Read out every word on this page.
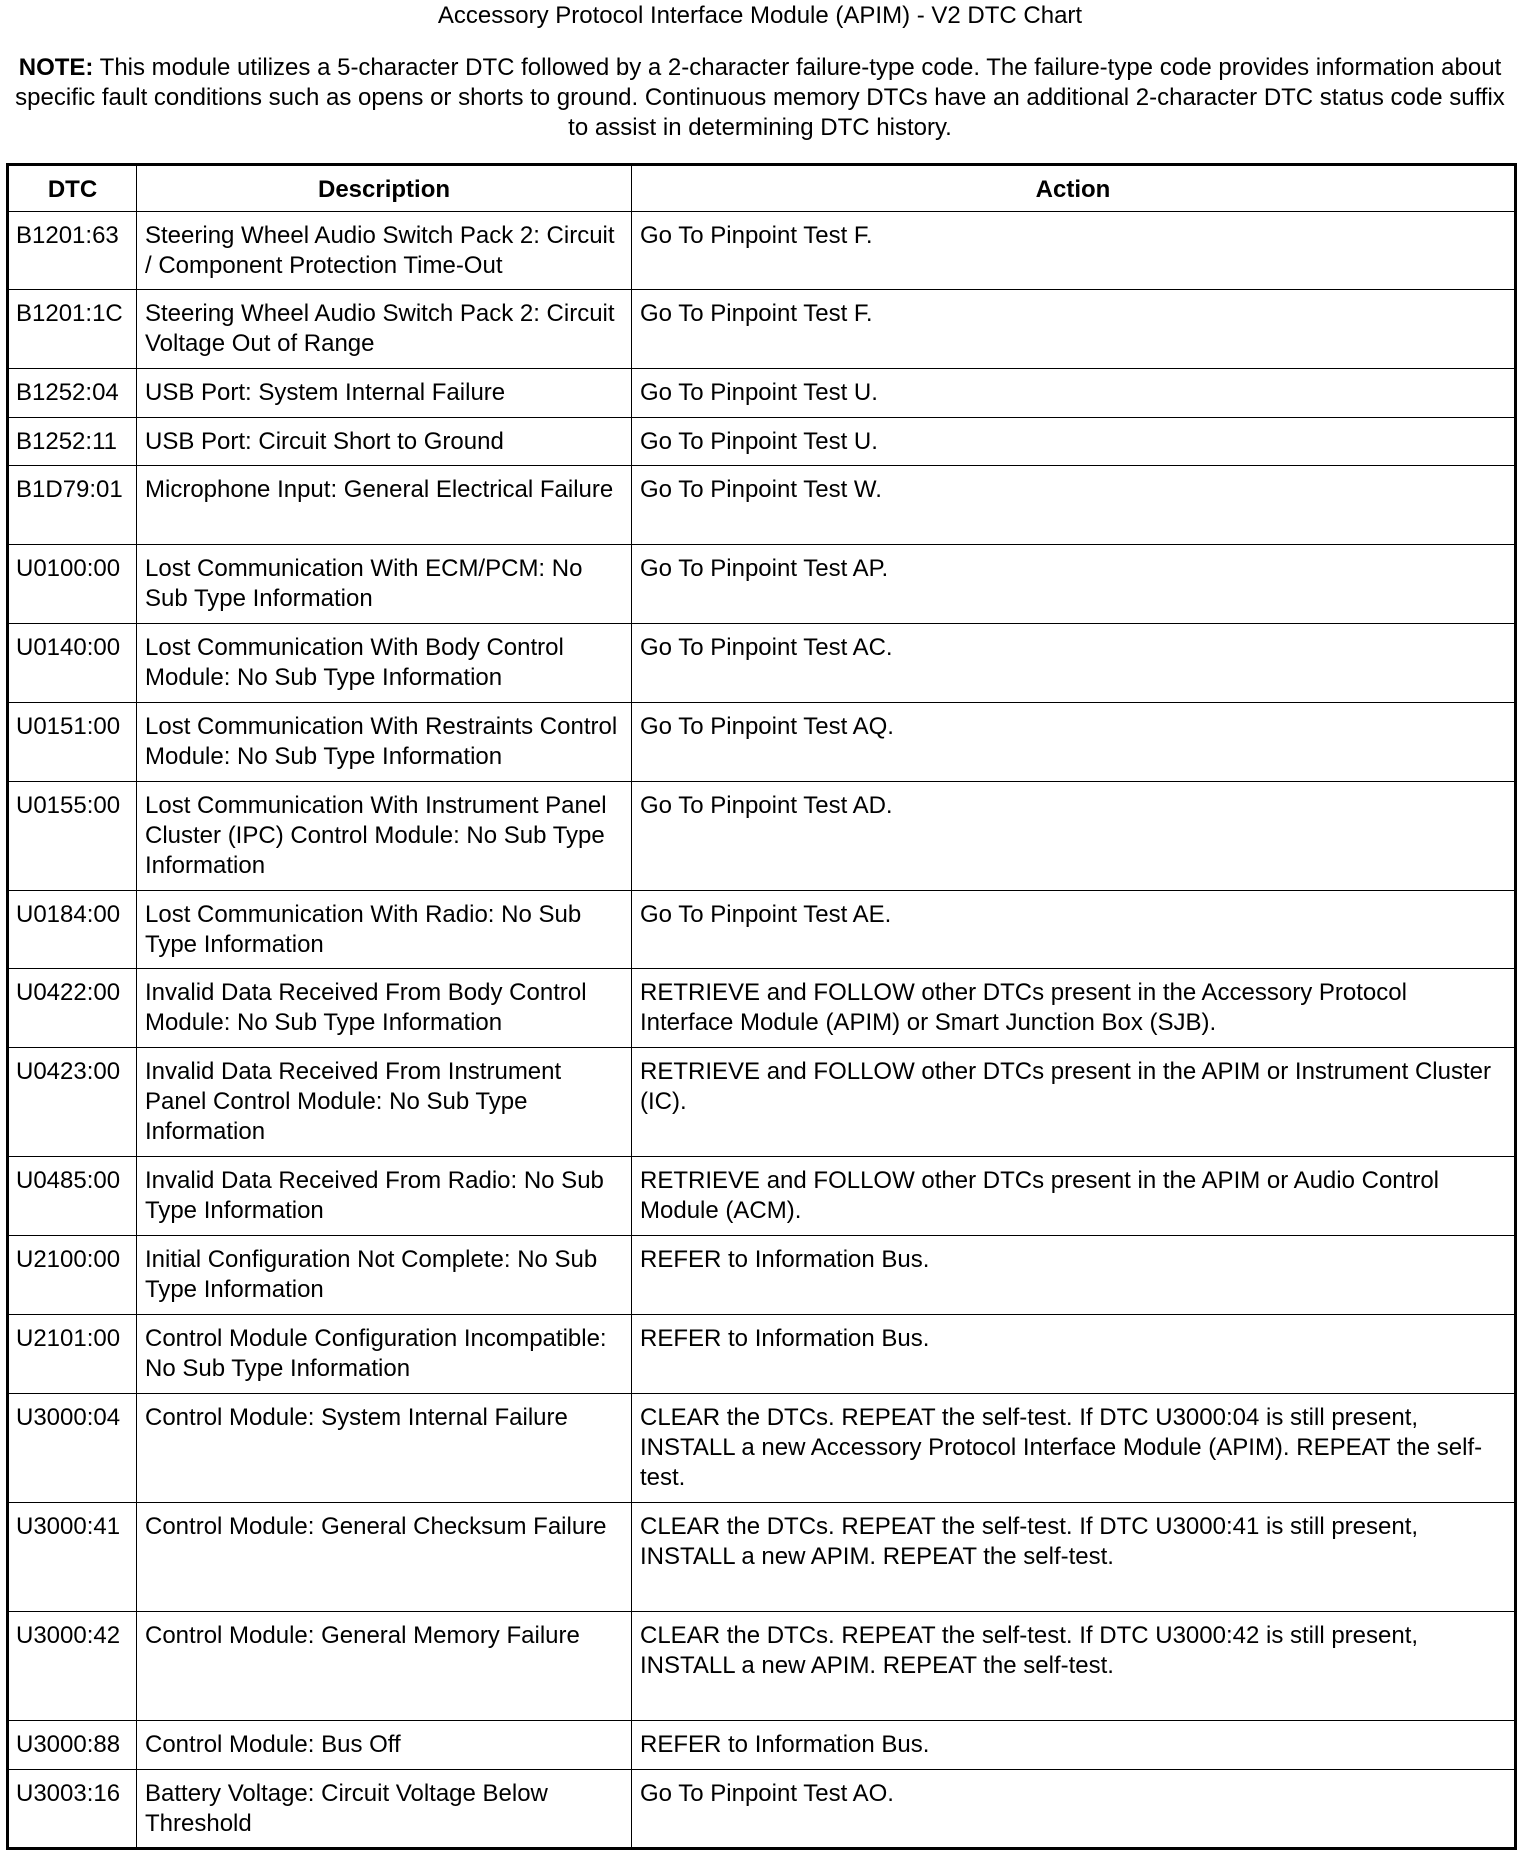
Accessory Protocol Interface Module (APIM) - V2 DTC Chart
NOTE: This module utilizes a 5-character DTC followed by a 2-character failure-type code. The failure-type code provides information about specific fault conditions such as opens or shorts to ground. Continuous memory DTCs have an additional 2-character DTC status code suffix to assist in determining DTC history.
DTC	Description	Action
B1201:63	Steering Wheel Audio Switch Pack 2: Circuit / Component Protection Time-Out	Go To Pinpoint Test F.
B1201:1C	Steering Wheel Audio Switch Pack 2: Circuit Voltage Out of Range	Go To Pinpoint Test F.
B1252:04	USB Port: System Internal Failure	Go To Pinpoint Test U.
B1252:11	USB Port: Circuit Short to Ground	Go To Pinpoint Test U.
B1D79:01	Microphone Input: General Electrical Failure	Go To Pinpoint Test W.
U0100:00	Lost Communication With ECM/PCM: No Sub Type Information	Go To Pinpoint Test AP.
U0140:00	Lost Communication With Body Control Module: No Sub Type Information	Go To Pinpoint Test AC.
U0151:00	Lost Communication With Restraints Control Module: No Sub Type Information	Go To Pinpoint Test AQ.
U0155:00	Lost Communication With Instrument Panel Cluster (IPC) Control Module: No Sub Type Information	Go To Pinpoint Test AD.
U0184:00	Lost Communication With Radio: No Sub Type Information	Go To Pinpoint Test AE.
U0422:00	Invalid Data Received From Body Control Module: No Sub Type Information	RETRIEVE and FOLLOW other DTCs present in the Accessory Protocol Interface Module (APIM) or Smart Junction Box (SJB).
U0423:00	Invalid Data Received From Instrument Panel Control Module: No Sub Type Information	RETRIEVE and FOLLOW other DTCs present in the APIM or Instrument Cluster (IC).
U0485:00	Invalid Data Received From Radio: No Sub Type Information	RETRIEVE and FOLLOW other DTCs present in the APIM or Audio Control Module (ACM).
U2100:00	Initial Configuration Not Complete: No Sub Type Information	REFER to Information Bus.
U2101:00	Control Module Configuration Incompatible: No Sub Type Information	REFER to Information Bus.
U3000:04	Control Module: System Internal Failure	CLEAR the DTCs. REPEAT the self-test. If DTC U3000:04 is still present, INSTALL a new Accessory Protocol Interface Module (APIM). REPEAT the self-test.
U3000:41	Control Module: General Checksum Failure	CLEAR the DTCs. REPEAT the self-test. If DTC U3000:41 is still present, INSTALL a new APIM. REPEAT the self-test.
U3000:42	Control Module: General Memory Failure	CLEAR the DTCs. REPEAT the self-test. If DTC U3000:42 is still present, INSTALL a new APIM. REPEAT the self-test.
U3000:88	Control Module: Bus Off	REFER to Information Bus.
U3003:16	Battery Voltage: Circuit Voltage Below Threshold	Go To Pinpoint Test AO.
